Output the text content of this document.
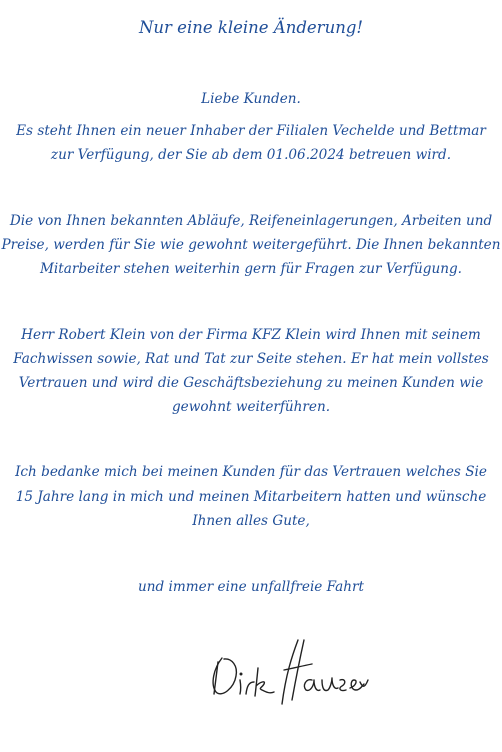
Nur eine kleine Änderung!
Liebe Kunden.
Es steht Ihnen ein neuer Inhaber der Filialen Vechelde und Bettmar
zur Verfügung, der Sie ab dem 01.06.2024 betreuen wird.
Die von Ihnen bekannten Abläufe, Reifeneinlagerungen, Arbeiten und
Preise, werden für Sie wie gewohnt weitergeführt. Die Ihnen bekannten
Mitarbeiter stehen weiterhin gern für Fragen zur Verfügung.
Herr Robert Klein von der Firma KFZ Klein wird Ihnen mit seinem
Fachwissen sowie, Rat und Tat zur Seite stehen. Er hat mein vollstes
Vertrauen und wird die Geschäftsbeziehung zu meinen Kunden wie
gewohnt weiterführen.
Ich bedanke mich bei meinen Kunden für das Vertrauen welches Sie
15 Jahre lang in mich und meinen Mitarbeitern hatten und wünsche
Ihnen alles Gute,
und immer eine unfallfreie Fahrt
